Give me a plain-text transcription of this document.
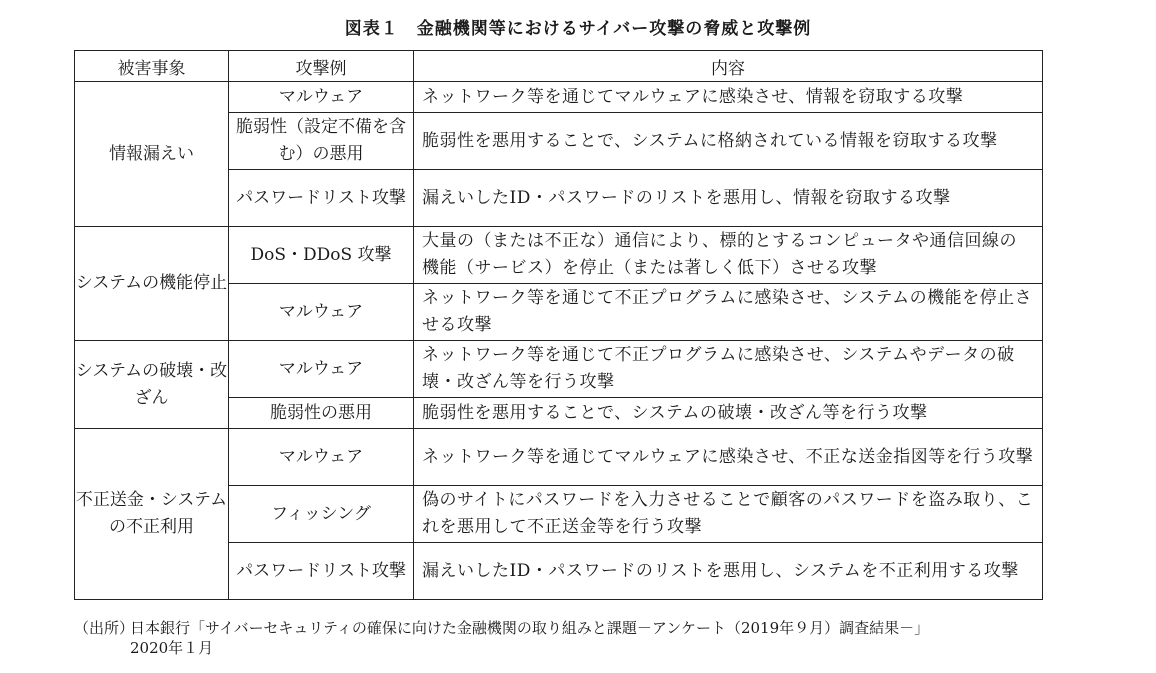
図表１　金融機関等におけるサイバー攻撃の脅威と攻撃例
被害事象	攻撃例	内容
情報漏えい	マルウェア	ネットワーク等を通じてマルウェアに感染させ、情報を窃取する攻撃
	脆弱性（設定不備を含む）の悪用	脆弱性を悪用することで、システムに格納されている情報を窃取する攻撃
	パスワードリスト攻撃	漏えいしたID・パスワードのリストを悪用し、情報を窃取する攻撃
システムの機能停止	DoS・DDoS 攻撃	大量の（または不正な）通信により、標的とするコンピュータや通信回線の機能（サービス）を停止（または著しく低下）させる攻撃
	マルウェア	ネットワーク等を通じて不正プログラムに感染させ、システムの機能を停止させる攻撃
システムの破壊・改ざん	マルウェア	ネットワーク等を通じて不正プログラムに感染させ、システムやデータの破壊・改ざん等を行う攻撃
	脆弱性の悪用	脆弱性を悪用することで、システムの破壊・改ざん等を行う攻撃
不正送金・システムの不正利用	マルウェア	ネットワーク等を通じてマルウェアに感染させ、不正な送金指図等を行う攻撃
	フィッシング	偽のサイトにパスワードを入力させることで顧客のパスワードを盗み取り、これを悪用して不正送金等を行う攻撃
	パスワードリスト攻撃	漏えいしたID・パスワードのリストを悪用し、システムを不正利用する攻撃
（出所）日本銀行「サイバーセキュリティの確保に向けた金融機関の取り組みと課題－アンケート（2019年９月）調査結果－」
2020年１月
